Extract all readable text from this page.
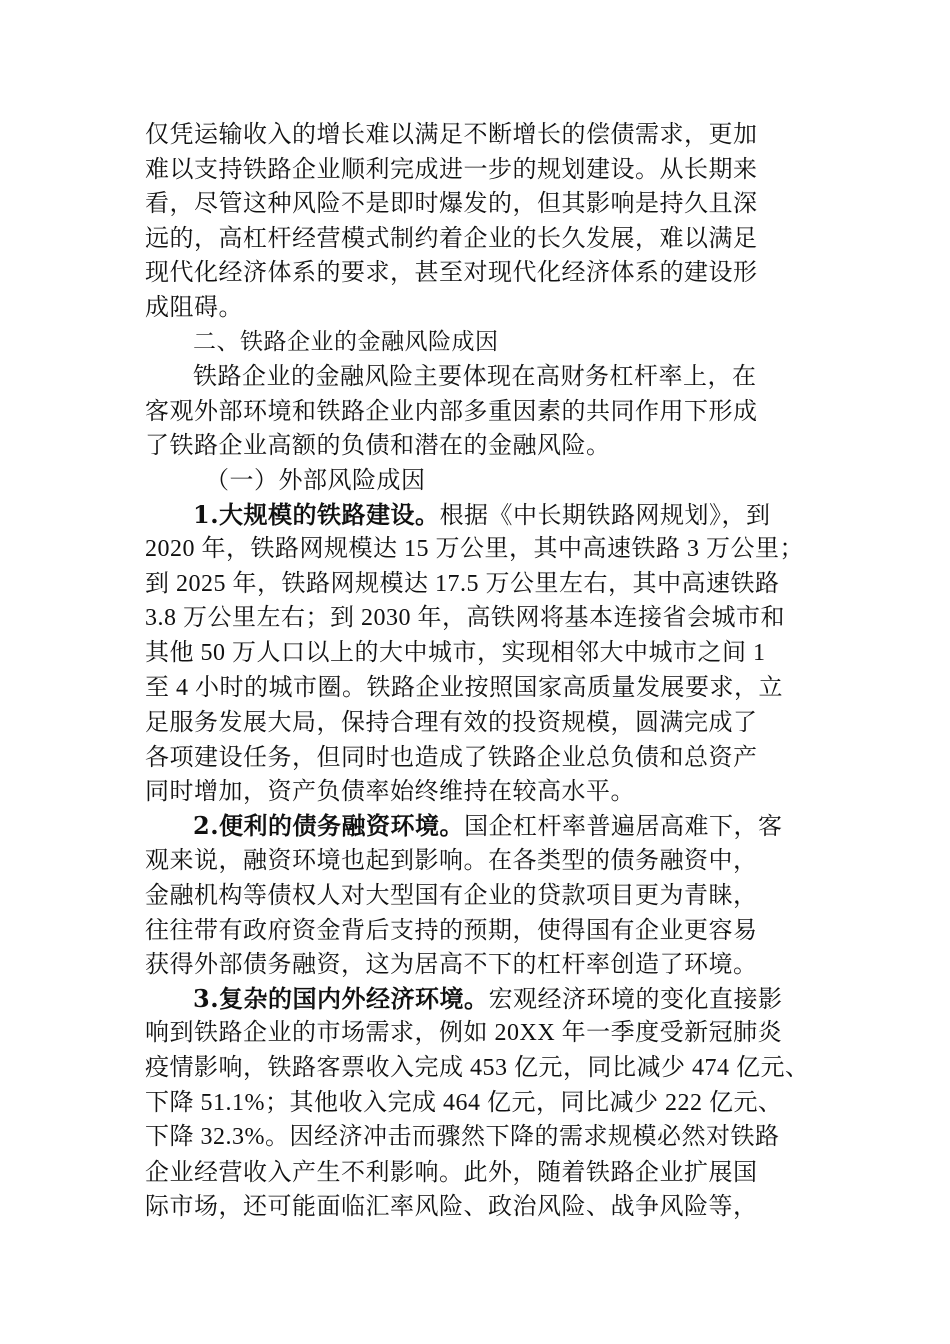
仅凭运输收入的增长难以满足不断增长的偿债需求，更加
难以支持铁路企业顺利完成进一步的规划建设。从长期来
看，尽管这种风险不是即时爆发的，但其影响是持久且深
远的，高杠杆经营模式制约着企业的长久发展，难以满足
现代化经济体系的要求，甚至对现代化经济体系的建设形
成阻碍。
二、铁路企业的金融风险成因
铁路企业的金融风险主要体现在高财务杠杆率上，在
客观外部环境和铁路企业内部多重因素的共同作用下形成
了铁路企业高额的负债和潜在的金融风险。
（一）外部风险成因
1.大规模的铁路建设。根据《中长期铁路网规划》，到
2020 年，铁路网规模达 15 万公里，其中高速铁路 3 万公里；
到 2025 年，铁路网规模达 17.5 万公里左右，其中高速铁路
3.8 万公里左右；到 2030 年，高铁网将基本连接省会城市和
其他 50 万人口以上的大中城市，实现相邻大中城市之间 1
至 4 小时的城市圈。铁路企业按照国家高质量发展要求，立
足服务发展大局，保持合理有效的投资规模，圆满完成了
各项建设任务，但同时也造成了铁路企业总负债和总资产
同时增加，资产负债率始终维持在较高水平。
2.便利的债务融资环境。国企杠杆率普遍居高难下，客
观来说，融资环境也起到影响。在各类型的债务融资中，
金融机构等债权人对大型国有企业的贷款项目更为青睐，
往往带有政府资金背后支持的预期，使得国有企业更容易
获得外部债务融资，这为居高不下的杠杆率创造了环境。
3.复杂的国内外经济环境。宏观经济环境的变化直接影
响到铁路企业的市场需求，例如 20XX 年一季度受新冠肺炎
疫情影响，铁路客票收入完成 453 亿元，同比减少 474 亿元、
下降 51.1%；其他收入完成 464 亿元，同比减少 222 亿元、
下降 32.3%。因经济冲击而骤然下降的需求规模必然对铁路
企业经营收入产生不利影响。此外，随着铁路企业扩展国
际市场，还可能面临汇率风险、政治风险、战争风险等，
